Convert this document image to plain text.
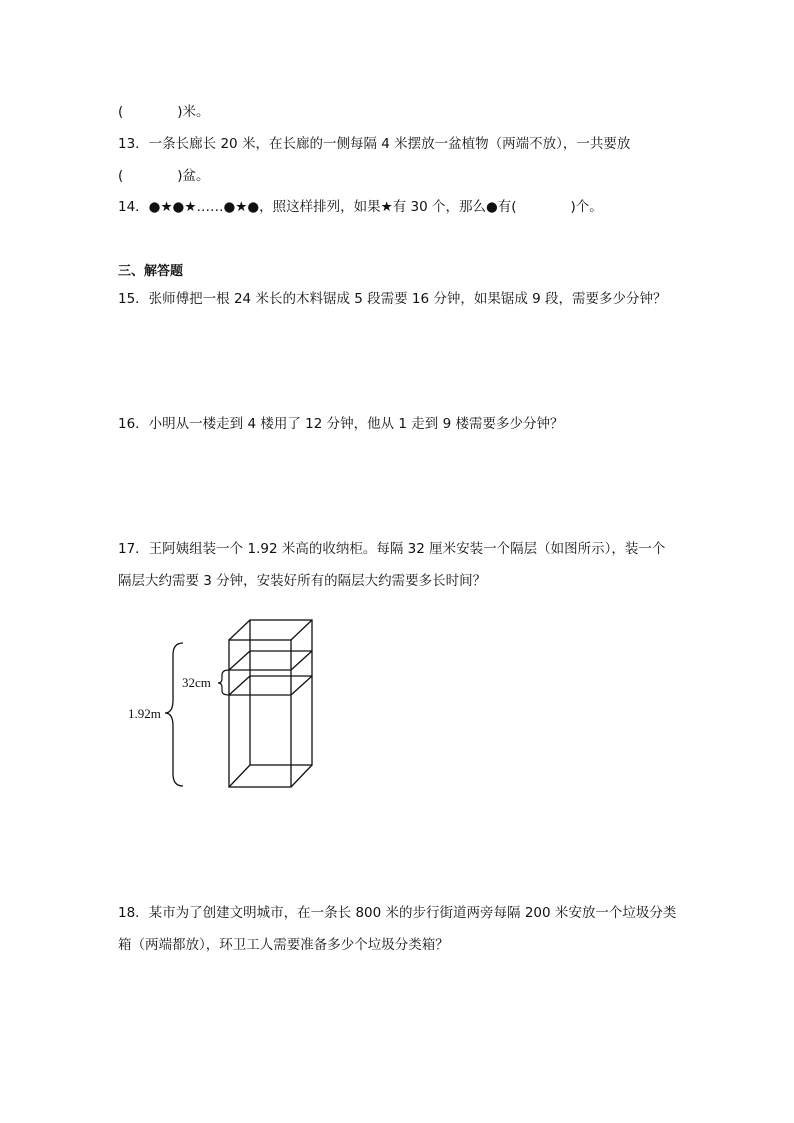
(　　　　)米。
13．一条长廊长 20 米，在长廊的一侧每隔 4 米摆放一盆植物（两端不放），一共要放
(　　　　)盆。
14．●★●★……●★●，照这样排列，如果★有 30 个，那么●有(　　　　)个。
三、解答题
15．张师傅把一根 24 米长的木料锯成 5 段需要 16 分钟，如果锯成 9 段，需要多少分钟？
16．小明从一楼走到 4 楼用了 12 分钟，他从 1 走到 9 楼需要多少分钟？
17．王阿姨组装一个 1.92 米高的收纳柜。每隔 32 厘米安装一个隔层（如图所示），装一个
隔层大约需要 3 分钟，安装好所有的隔层大约需要多长时间？
1.92m
32cm
18．某市为了创建文明城市，在一条长 800 米的步行街道两旁每隔 200 米安放一个垃圾分类
箱（两端都放），环卫工人需要准备多少个垃圾分类箱？
